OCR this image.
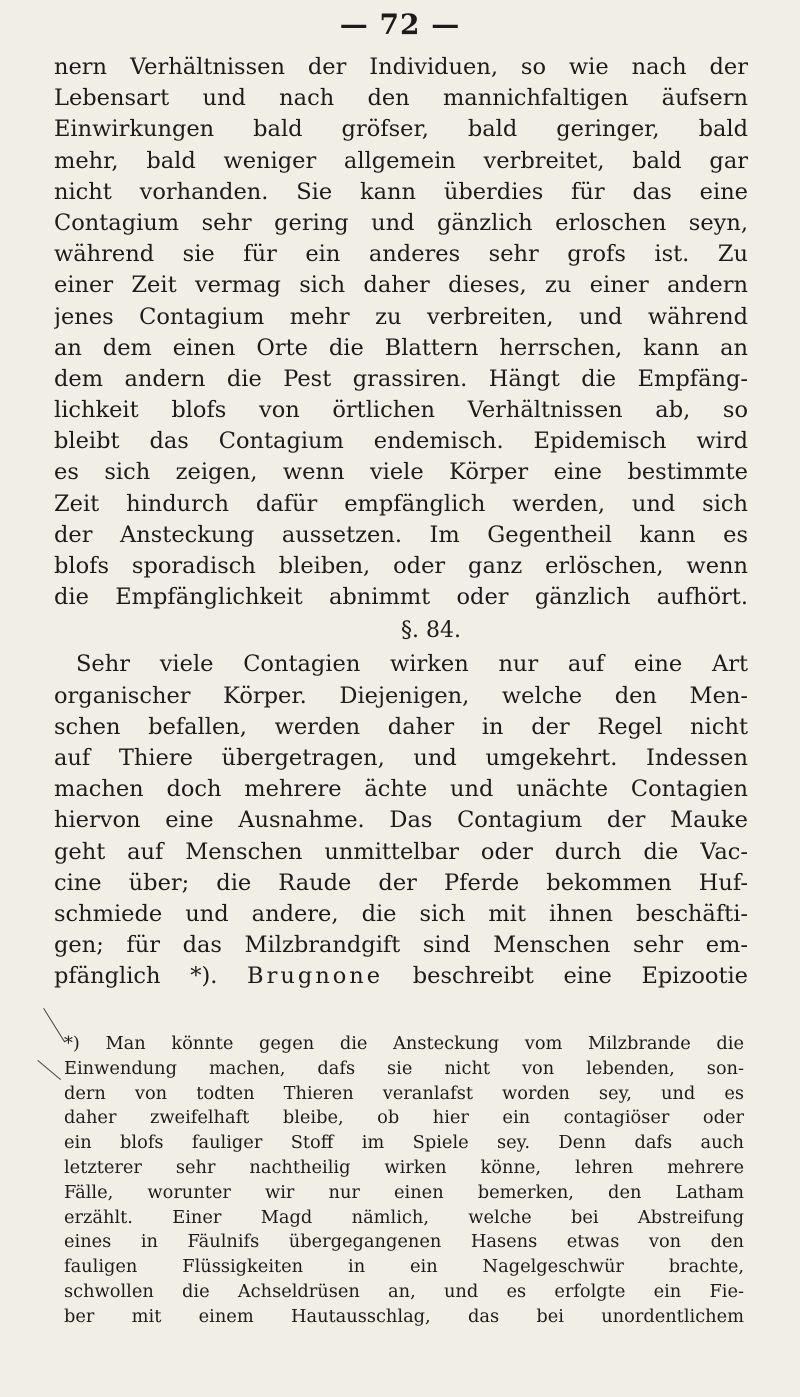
— 72 —
nern Verhältnissen der Individuen, so wie nach der
Lebensart und nach den mannichfaltigen äufsern
Einwirkungen bald gröfser, bald geringer, bald
mehr, bald weniger allgemein verbreitet, bald gar
nicht vorhanden. Sie kann überdies für das eine
Contagium sehr gering und gänzlich erloschen seyn,
während sie für ein anderes sehr grofs ist. Zu
einer Zeit vermag sich daher dieses, zu einer andern
jenes Contagium mehr zu verbreiten, und während
an dem einen Orte die Blattern herrschen, kann an
dem andern die Pest grassiren. Hängt die Empfäng-
lichkeit blofs von örtlichen Verhältnissen ab, so
bleibt das Contagium endemisch. Epidemisch wird
es sich zeigen, wenn viele Körper eine bestimmte
Zeit hindurch dafür empfänglich werden, und sich
der Ansteckung aussetzen. Im Gegentheil kann es
blofs sporadisch bleiben, oder ganz erlöschen, wenn
die Empfänglichkeit abnimmt oder gänzlich aufhört.
§. 84.
Sehr viele Contagien wirken nur auf eine Art
organischer Körper. Diejenigen, welche den Men-
schen befallen, werden daher in der Regel nicht
auf Thiere übergetragen, und umgekehrt. Indessen
machen doch mehrere ächte und unächte Contagien
hiervon eine Ausnahme. Das Contagium der Mauke
geht auf Menschen unmittelbar oder durch die Vac-
cine über; die Raude der Pferde bekommen Huf-
schmiede und andere, die sich mit ihnen beschäfti-
gen; für das Milzbrandgift sind Menschen sehr em-
pfänglich *). Brugnone beschreibt eine Epizootie
*) Man könnte gegen die Ansteckung vom Milzbrande die
Einwendung machen, dafs sie nicht von lebenden, son-
dern von todten Thieren veranlafst worden sey, und es
daher zweifelhaft bleibe, ob hier ein contagiöser oder
ein blofs fauliger Stoff im Spiele sey. Denn dafs auch
letzterer sehr nachtheilig wirken könne, lehren mehrere
Fälle, worunter wir nur einen bemerken, den Latham
erzählt. Einer Magd nämlich, welche bei Abstreifung
eines in Fäulnifs übergegangenen Hasens etwas von den
fauligen Flüssigkeiten in ein Nagelgeschwür brachte,
schwollen die Achseldrüsen an, und es erfolgte ein Fie-
ber mit einem Hautausschlag, das bei unordentlichem
